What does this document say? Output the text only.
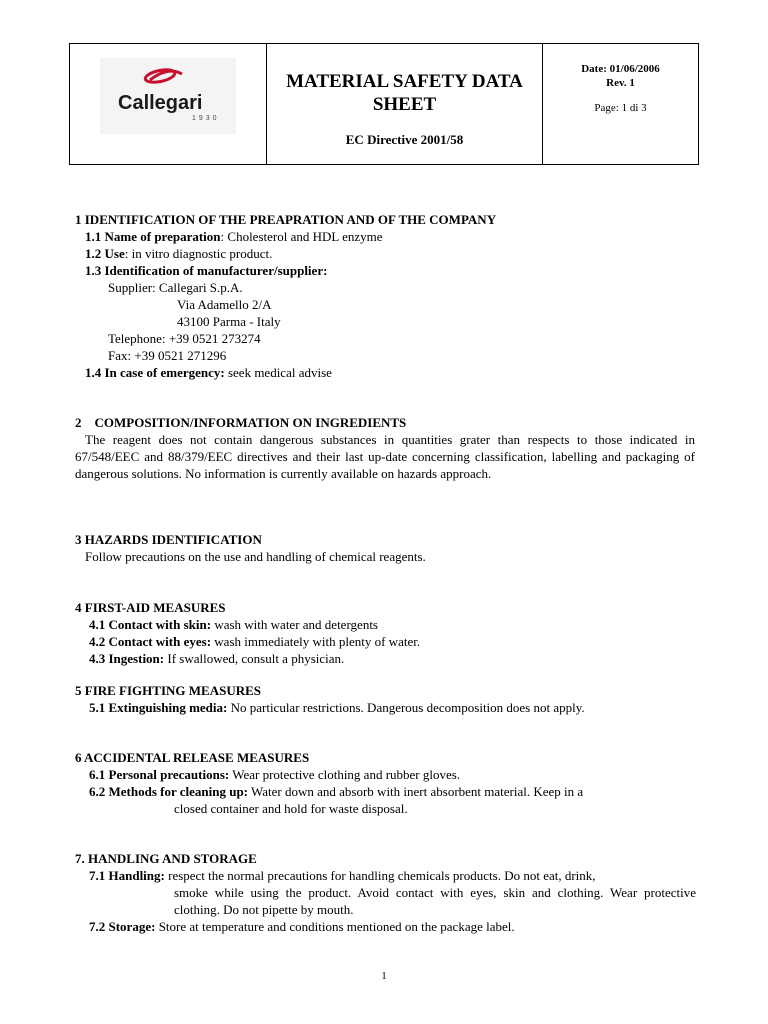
Callegari
1930
MATERIAL SAFETY DATA SHEET
EC Directive 2001/58
Date: 01/06/2006
Rev. 1
Page: 1 di 3
1 IDENTIFICATION OF THE PREAPRATION AND OF THE COMPANY
1.1 Name of preparation: Cholesterol and HDL enzyme
1.2 Use: in vitro diagnostic product.
1.3 Identification of manufacturer/supplier:
Supplier: Callegari S.p.A.
Via Adamello 2/A
43100 Parma - Italy
Telephone: +39 0521 273274
Fax: +39 0521 271296
1.4 In case of emergency: seek medical advise
2    COMPOSITION/INFORMATION ON INGREDIENTS
The reagent does not contain dangerous substances in quantities grater than respects to those indicated in 67/548/EEC and 88/379/EEC directives and their last up-date concerning classification, labelling and packaging of dangerous solutions. No information is currently available on hazards approach.
3 HAZARDS IDENTIFICATION
Follow precautions on the use and handling of chemical reagents.
4 FIRST-AID MEASURES
4.1 Contact with skin: wash with water and detergents
4.2 Contact with eyes: wash immediately with plenty of water.
4.3 Ingestion: If swallowed, consult a physician.
5 FIRE FIGHTING MEASURES
5.1 Extinguishing media: No particular restrictions. Dangerous decomposition does not apply.
6 ACCIDENTAL RELEASE MEASURES
6.1 Personal precautions: Wear protective clothing and rubber gloves.
6.2 Methods for cleaning up: Water down and absorb with inert absorbent material. Keep in a
closed container and hold for waste disposal.
7. HANDLING AND STORAGE
7.1 Handling: respect the normal precautions for handling chemicals products. Do not eat, drink,
smoke while using the product. Avoid contact with eyes, skin and clothing. Wear protective clothing. Do not pipette by mouth.
7.2 Storage: Store at temperature and conditions mentioned on the package label.
1
